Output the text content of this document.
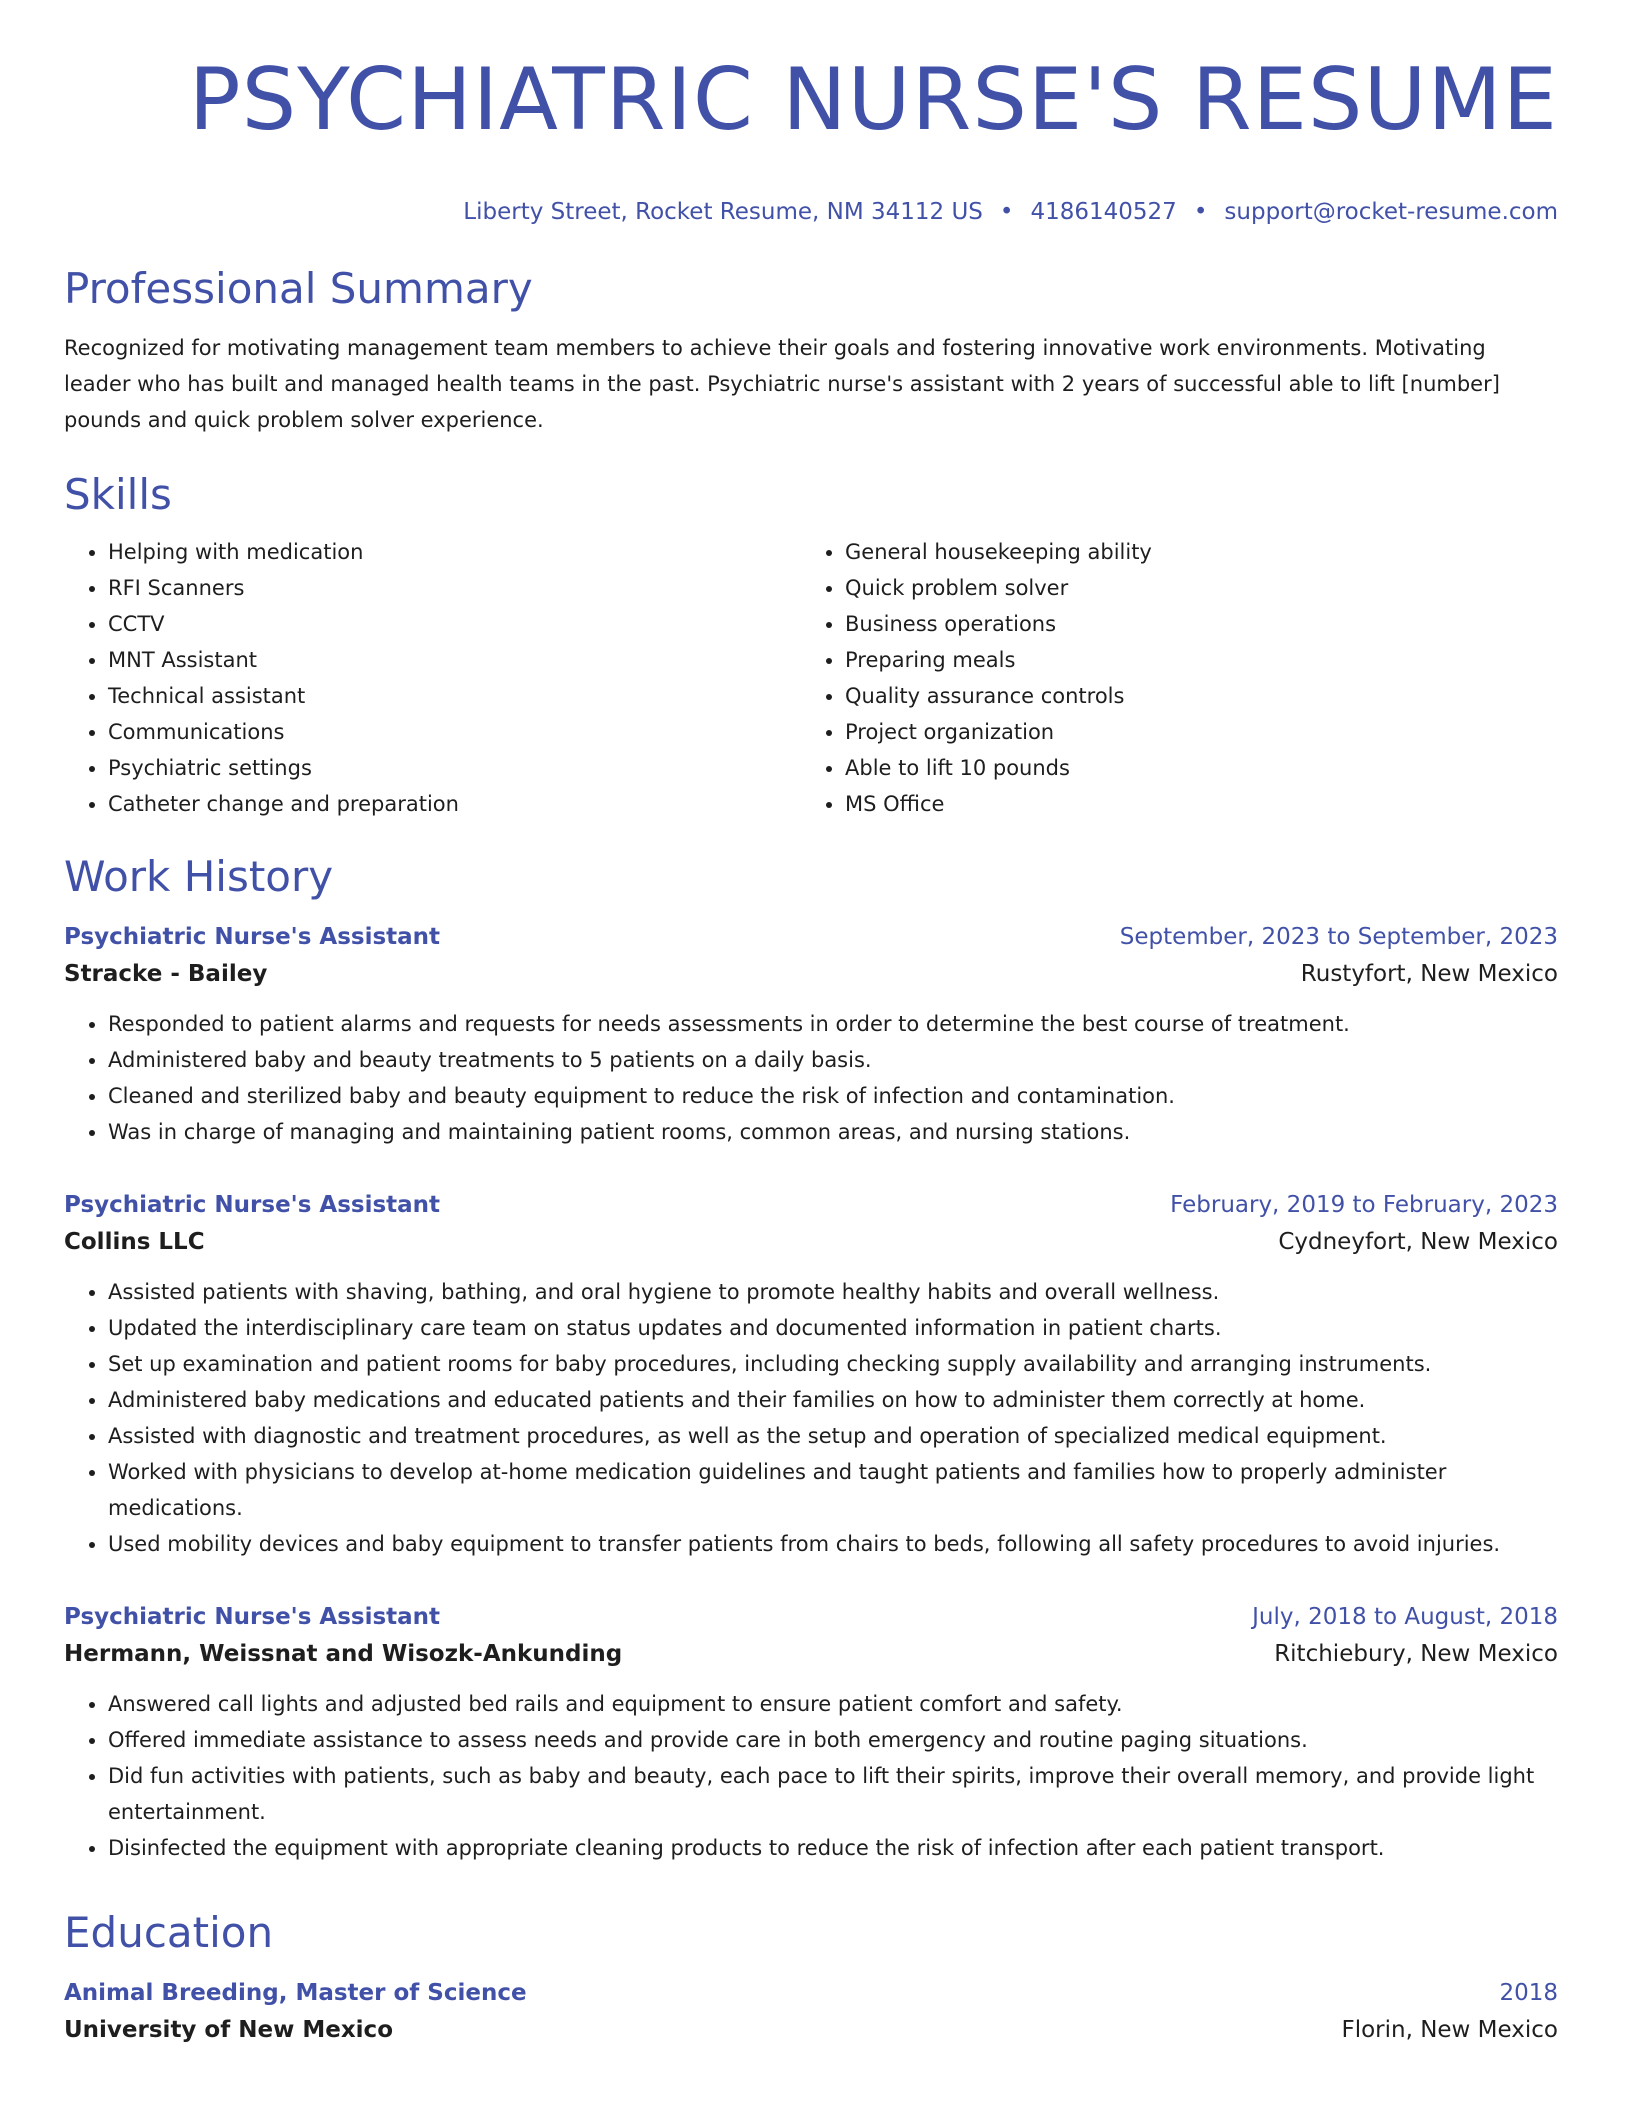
PSYCHIATRIC NURSE'S RESUME
Liberty Street, Rocket Resume, NM 34112 US • 4186140527 • support@rocket-resume.com
Professional Summary

Recognized for motivating management team members to achieve their goals and fostering innovative work environments. Motivating leader who has built and managed health teams in the past. Psychiatric nurse's assistant with 2 years of successful able to lift [number] pounds and quick problem solver experience.

Skills
• Helping with medication
• RFI Scanners
• CCTV
• MNT Assistant
• Technical assistant
• Communications
• Psychiatric settings
• Catheter change and preparation
• General housekeeping ability
• Quick problem solver
• Business operations
• Preparing meals
• Quality assurance controls
• Project organization
• Able to lift 10 pounds
• MS Office
Work History
Psychiatric Nurse's Assistant	September, 2023 to September, 2023
Stracke - Bailey	Rustyfort, New Mexico
• Responded to patient alarms and requests for needs assessments in order to determine the best course of treatment.
• Administered baby and beauty treatments to 5 patients on a daily basis.
• Cleaned and sterilized baby and beauty equipment to reduce the risk of infection and contamination.
• Was in charge of managing and maintaining patient rooms, common areas, and nursing stations.
Psychiatric Nurse's Assistant	February, 2019 to February, 2023
Collins LLC	Cydneyfort, New Mexico
• Assisted patients with shaving, bathing, and oral hygiene to promote healthy habits and overall wellness.
• Updated the interdisciplinary care team on status updates and documented information in patient charts.
• Set up examination and patient rooms for baby procedures, including checking supply availability and arranging instruments.
• Administered baby medications and educated patients and their families on how to administer them correctly at home.
• Assisted with diagnostic and treatment procedures, as well as the setup and operation of specialized medical equipment.
• Worked with physicians to develop at-home medication guidelines and taught patients and families how to properly administer medications.
• Used mobility devices and baby equipment to transfer patients from chairs to beds, following all safety procedures to avoid injuries.
Psychiatric Nurse's Assistant	July, 2018 to August, 2018
Hermann, Weissnat and Wisozk-Ankunding	Ritchiebury, New Mexico
• Answered call lights and adjusted bed rails and equipment to ensure patient comfort and safety.
• Offered immediate assistance to assess needs and provide care in both emergency and routine paging situations.
• Did fun activities with patients, such as baby and beauty, each pace to lift their spirits, improve their overall memory, and provide light entertainment.
• Disinfected the equipment with appropriate cleaning products to reduce the risk of infection after each patient transport.
Education
Animal Breeding, Master of Science	2018
University of New Mexico	Florin, New Mexico
